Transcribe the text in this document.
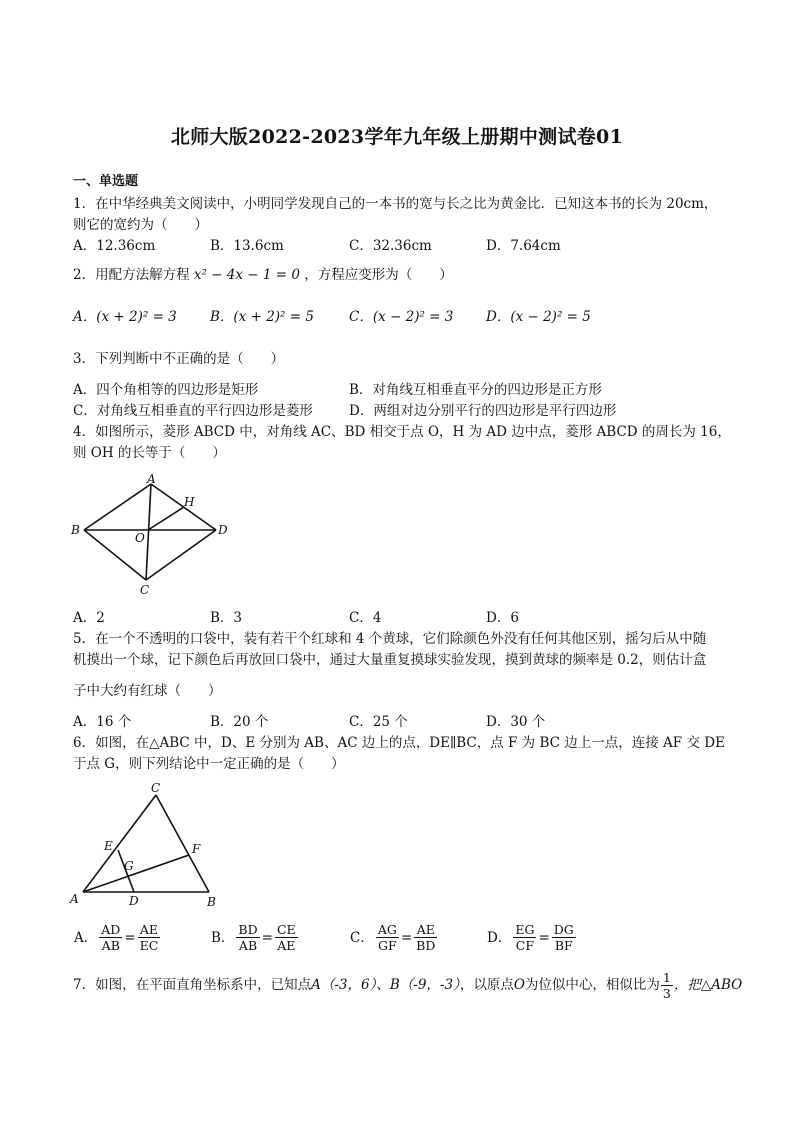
北师大版2022-2023学年九年级上册期中测试卷01
一、单选题
1．在中华经典美文阅读中，小明同学发现自己的一本书的宽与长之比为黄金比．已知这本书的长为 20cm，
则它的宽约为（　　）
A．12.36cm	B．13.6cm	C．32.36cm	D．7.64cm
2．用配方法解方程 x² − 4x − 1 = 0 ，方程应变形为（　　）
A．(x + 2)² = 3 B．(x + 2)² = 5	C．(x − 2)² = 3 D．(x − 2)² = 5
3．下列判断中不正确的是（　　）
A．四个角相等的四边形是矩形	B．对角线互相垂直平分的四边形是正方形
C．对角线互相垂直的平行四边形是菱形	D．两组对边分别平行的四边形是平行四边形
4．如图所示，菱形 ABCD 中，对角线 AC、BD 相交于点 O，H 为 AD 边中点，菱形 ABCD 的周长为 16，
则 OH 的长等于（　　）
A
B
C
D
H
O
A．2	B．3	C．4	D．6
5．在一个不透明的口袋中，装有若干个红球和 4 个黄球，它们除颜色外没有任何其他区别，摇匀后从中随
机摸出一个球，记下颜色后再放回口袋中，通过大量重复摸球实验发现，摸到黄球的频率是 0.2，则估计盒
子中大约有红球（　　）
A．16 个	B．20 个	C．25 个	D．30 个
6．如图，在△ABC 中，D、E 分别为 AB、AC 边上的点，DE∥BC，点 F 为 BC 边上一点，连接 AF 交 DE
于点 G，则下列结论中一定正确的是（　　）
C
E	F
G
A	D	B
A． $\frac{AD}{AB} = \frac{AE}{EC}$	B． $\frac{BD}{AB} = \frac{CE}{AE}$	C． $\frac{AG}{GF} = \frac{AE}{BD}$	D． $\frac{EG}{CF} = \frac{DG}{BF}$
7．如图，在平面直角坐标系中，已知点A（-3，6）、B（-9，-3），以原点O为位似中心，相似比为 $\frac{1}{3}$ ，把△ABO
